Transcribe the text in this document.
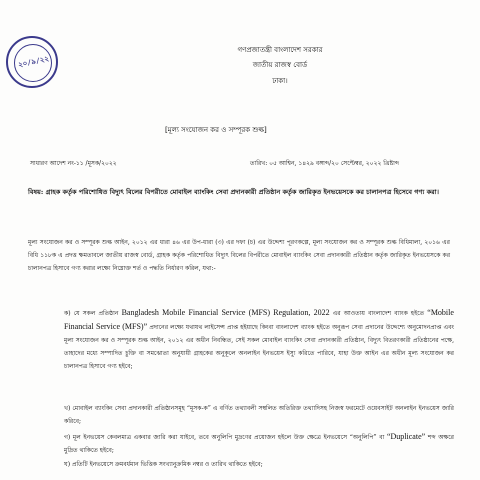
২০/৯/২২
গণপ্রজাতন্ত্রী বাংলাদেশ সরকার
জাতীয় রাজস্ব বোর্ড
ঢাকা।
[মূল্য সংযোজন কর ও সম্পূরক শুল্ক]
সাধারণ আদেশ নং-১১ /মূসক/২০২২	তারিখ: ০৫ আশ্বিন, ১৪২৯ বঙ্গাব্দ/২০ সেপ্টেম্বর, ২০২২ খ্রিষ্টাব্দ
বিষয়: গ্রাহক কর্তৃক পরিশোধিত বিদ্যুৎ বিলের বিপরীতে মোবাইল ব্যাংকিং সেবা প্রদানকারী প্রতিষ্ঠান কর্তৃক জারিকৃত ইনভয়েসকে কর চালানপত্র হিসেবে গণ্য করা।
মূল্য সংযোজন কর ও সম্পূরক শুল্ক আইন, ২০১২ এর ধারা ৪৬ এর উপ-ধারা (৩) এর দফা (চ) এর উদ্দেশ্য পূরণকল্পে, মূল্য সংযোজন কর ও সম্পূরক শুল্ক বিধিমালা, ২০১৬ এর বিধি ১১৮ক এ প্রদত্ত ক্ষমতাবলে জাতীয় রাজস্ব বোর্ড, গ্রাহক কর্তৃক পরিশোধিত বিদ্যুৎ বিলের বিপরীতে মোবাইল ব্যাংকিং সেবা প্রদানকারী প্রতিষ্ঠান কর্তৃক জারিকৃত ইনভয়েসকে কর চালানপত্র হিসাবে গণ্য করার লক্ষ্যে নিম্নোক্ত শর্ত ও পদ্ধতি নির্ধারণ করিল, যথা:-
ক) যে সকল প্রতিষ্ঠান Bangladesh Mobile Financial Service (MFS) Regulation, 2022 এর আওতায় বাংলাদেশ ব্যাংক হইতে “Mobile Financial Service (MFS)” প্রদানের লক্ষ্যে যথাযথ লাইসেন্স প্রাপ্ত হইয়াছে কিংবা বাংলাদেশ ব্যাংক হইতে অনুরূপ সেবা প্রদানের উদ্দেশ্যে অনুমোদনপ্রাপ্ত এবং মূল্য সংযোজন কর ও সম্পূরক শুল্ক আইন, ২০১২ এর অধীন নিবন্ধিত, সেই সকল মোবাইল ব্যাংকিং সেবা প্রদানকারী প্রতিষ্ঠান, বিদ্যুৎ বিতরণকারী প্রতিষ্ঠানের পক্ষে, তাহাদের মধ্যে সম্পাদিত চুক্তি বা সমঝোতা অনুযায়ী গ্রাহকের অনুকূলে অনলাইন ইনভয়েস ইস্যু করিতে পারিবে, যাহা উক্ত আইন এর অধীন মূল্য সংযোজন কর চালানপত্র হিসাবে গণ্য হইবে;
খ) মোবাইল ব্যাংকিং সেবা প্রদানকারী প্রতিষ্ঠানসমূহ “মূসক-ক” এ বর্ণিত তথ্যাবলী সম্বলিত অতিরিক্ত তথ্যাদিসহ নিজস্ব ফরমেটে ওয়েবসাইট অনলাইন ইনভয়েস জারি করিবে;
গ) মূল ইনভয়েস কেবলমাত্র একবার জারি করা যাইবে, তবে অনুলিপি মুদ্রণের প্রয়োজন হইলে উক্ত ক্ষেত্রে ইনভয়েসে “অনুলিপি” বা “Duplicate” শব্দ অক্ষরে মুদ্রিত থাকিতে হইবে;
ঘ) প্রতিটি ইনভয়েসে ক্রমবর্ধমান ভিত্তিক সংখ্যানুক্রমিক নম্বর ও তারিখ থাকিতে হইবে;
